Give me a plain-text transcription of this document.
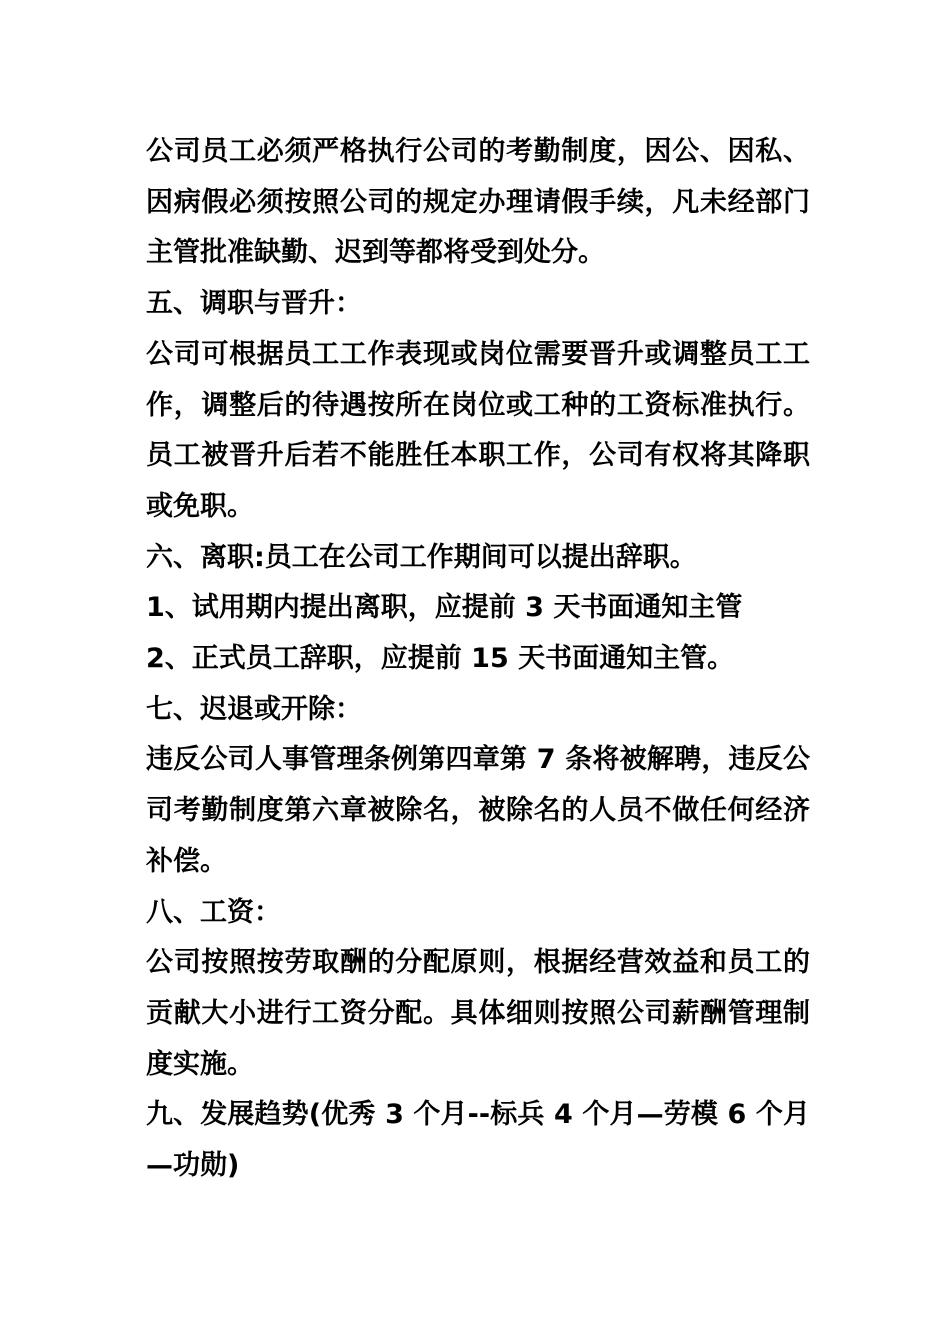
公司员工必须严格执行公司的考勤制度，因公、因私、因病假必须按照公司的规定办理请假手续，凡未经部门主管批准缺勤、迟到等都将受到处分。

五、调职与晋升：

公司可根据员工工作表现或岗位需要晋升或调整员工工作，调整后的待遇按所在岗位或工种的工资标准执行。员工被晋升后若不能胜任本职工作，公司有权将其降职或免职。

六、离职:员工在公司工作期间可以提出辞职。

1、试用期内提出离职，应提前 3 天书面通知主管

2、正式员工辞职，应提前 15 天书面通知主管。

七、迟退或开除：

违反公司人事管理条例第四章第 7 条将被解聘，违反公司考勤制度第六章被除名，被除名的人员不做任何经济补偿。

八、工资：

公司按照按劳取酬的分配原则，根据经营效益和员工的贡献大小进行工资分配。具体细则按照公司薪酬管理制度实施。

九、发展趋势(优秀 3 个月--标兵 4 个月—劳模 6 个月—功勋)
